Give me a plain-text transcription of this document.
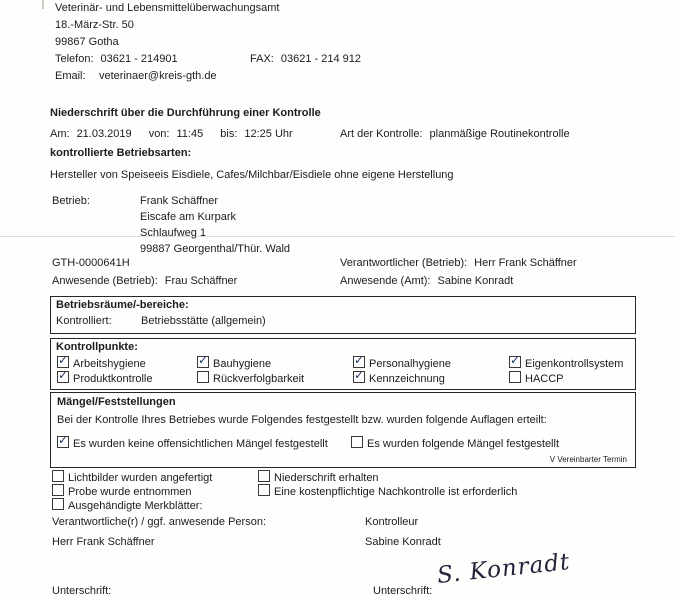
Veterinär- und Lebensmittelüberwachungsamt
18.-März-Str. 50
99867 Gotha
Telefon: 03621 - 214901	FAX: 03621 - 214 912
Email: veterinaer@kreis-gth.de
Niederschrift über die Durchführung einer Kontrolle
Am: 21.03.2019 von: 11:45 bis: 12:25 Uhr	Art der Kontrolle: planmäßige Routinekontrolle
kontrollierte Betriebsarten:
Hersteller von Speiseeis Eisdiele, Cafes/Milchbar/Eisdiele ohne eigene Herstellung
Betrieb:	Frank Schäffner
Eiscafe am Kurpark
Schlaufweg 1
99887 Georgenthal/Thür. Wald
GTH-0000641H	Verantwortlicher (Betrieb): Herr Frank Schäffner
Anwesende (Betrieb): Frau Schäffner	Anwesende (Amt): Sabine Konradt
Betriebsräume/-bereiche:
Kontrolliert:	Betriebsstätte (allgemein)
Kontrollpunkte:
✓Arbeitshygiene ✓	Bauhygiene ✓	Personalhygiene ✓	Eigenkontrollsystem
✓Produktkontrolle	Rückverfolgbarkeit ✓	Kennzeichnung	HACCP
Mängel/Feststellungen
Bei der Kontrolle Ihres Betriebes wurde Folgendes festgestellt bzw. wurden folgende Auflagen erteilt:
✓Es wurden keine offensichtlichen Mängel festgestellt	Es wurden folgende Mängel festgestellt
V Vereinbarter Termin
Lichtbilder wurden angefertigt	Niederschrift erhalten
Probe wurde entnommen	Eine kostenpflichtige Nachkontrolle ist erforderlich
Ausgehändigte Merkblätter:
Verantwortliche(r) / ggf. anwesende Person:	Kontrolleur
Herr Frank Schäffner	Sabine Konradt
Unterschrift:	Unterschrift:
S. Konradt
